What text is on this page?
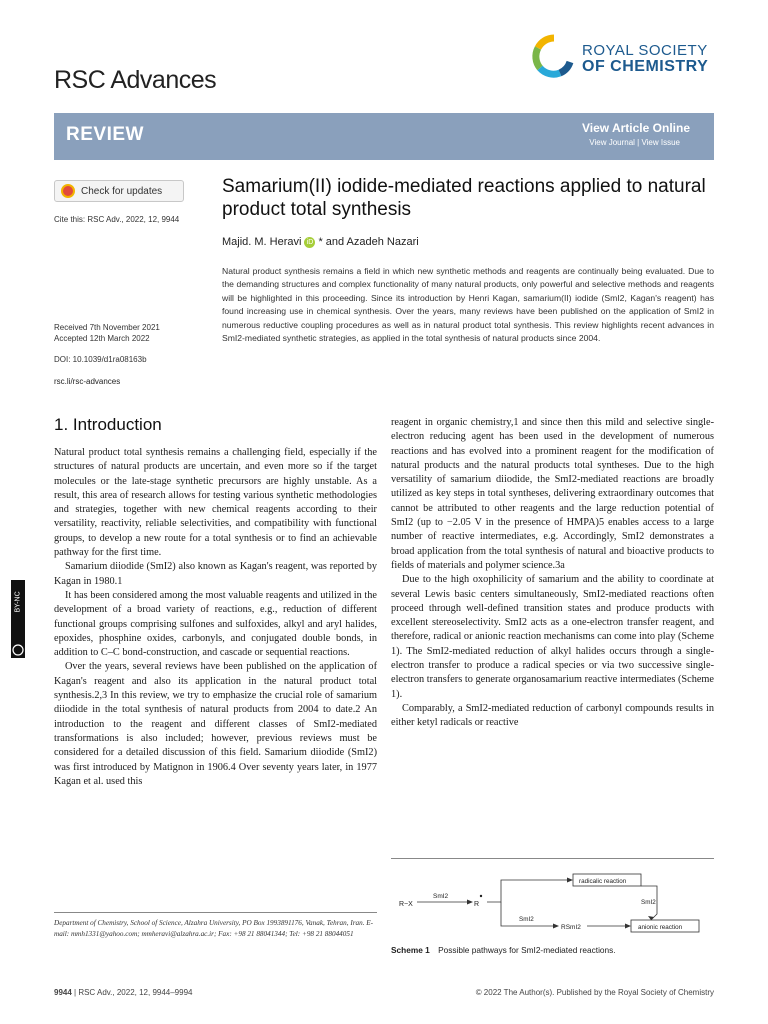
RSC Advances
ROYAL SOCIETY
OF CHEMISTRY
REVIEW	View Article Online
View Journal | View Issue
Check for updates
Cite this: RSC Adv., 2022, 12, 9944
Samarium(II) iodide-mediated reactions applied to natural product total synthesis
Majid. M. Heravi iD * and Azadeh Nazari
Natural product synthesis remains a field in which new synthetic methods and reagents are continually being evaluated. Due to the demanding structures and complex functionality of many natural products, only powerful and selective methods and reagents will be highlighted in this proceeding. Since its introduction by Henri Kagan, samarium(II) iodide (SmI2, Kagan's reagent) has found increasing use in chemical synthesis. Over the years, many reviews have been published on the application of SmI2 in numerous reductive coupling procedures as well as in natural product total synthesis. This review highlights recent advances in SmI2-mediated synthetic strategies, as applied in the total synthesis of natural products since 2004.
Received 7th November 2021
Accepted 12th March 2022
DOI: 10.1039/d1ra08163b
rsc.li/rsc-advances
BY-NC
1. Introduction

Natural product total synthesis remains a challenging field, especially if the structures of natural products are uncertain, and even more so if the target molecules or the late-stage synthetic precursors are highly unstable. As a result, this area of research allows for testing various synthetic methodologies and strategies, together with new chemical reagents according to their versatility, reactivity, reliable selectivities, and compatibility with functional groups, to develop a new route for a total synthesis or to find an achievable pathway for the first time.

Samarium diiodide (SmI2) also known as Kagan's reagent, was reported by Kagan in 1980.1

It has been considered among the most valuable reagents and utilized in the development of a broad variety of reactions, e.g., reduction of different functional groups comprising sulfones and sulfoxides, alkyl and aryl halides, epoxides, phosphine oxides, carbonyls, and conjugated double bonds, in addition to C–C bond-construction, and cascade or sequential reactions.

Over the years, several reviews have been published on the application of Kagan's reagent and also its application in the natural product total synthesis.2,3 In this review, we try to emphasize the crucial role of samarium diiodide in the total synthesis of natural products from 2004 to date.2 An introduction to the reagent and different classes of SmI2-mediated transformations is also included; however, previous reviews must be considered for a detailed discussion of this field. Samarium diiodide (SmI2) was first introduced by Matignon in 1906.4 Over seventy years later, in 1977 Kagan et al. used this

reagent in organic chemistry,1 and since then this mild and selective single-electron reducing agent has been used in the development of numerous reactions and has evolved into a prominent reagent for the modification of natural products and the natural products total syntheses. Due to the high versatility of samarium diiodide, the SmI2-mediated reactions are broadly utilized as key steps in total syntheses, delivering extraordinary outcomes that cannot be attributed to other reagents and the large reduction potential of SmI2 (up to −2.05 V in the presence of HMPA)5 enables access to a large number of reactive intermediates, e.g. Accordingly, SmI2 demonstrates a broad application from the total synthesis of natural and bioactive products to fields of materials and polymer science.3a

Due to the high oxophilicity of samarium and the ability to coordinate at several Lewis basic centers simultaneously, SmI2-mediated reactions often proceed through well-defined transition states and produce products with excellent stereoselectivity. SmI2 acts as a one-electron transfer reagent, and therefore, radical or anionic reaction mechanisms can come into play (Scheme 1). The SmI2-mediated reduction of alkyl halides occurs through a single-electron transfer to produce a radical species or via two successive single-electron transfers to generate organosamarium reactive intermediates (Scheme 1).

Comparably, a SmI2-mediated reduction of carbonyl compounds results in either ketyl radicals or reactive

Department of Chemistry, School of Science, Alzahra University, PO Box 1993891176, Vanak, Tehran, Iran. E-mail: mmh1331@yahoo.com; mmheravi@alzahra.ac.ir; Fax: +98 21 88041344; Tel: +98 21 88044051
R−X
SmI2
R
radicalic reaction
SmI2
RSmI2	anionic reaction
SmI2
Scheme 1 Possible pathways for SmI2-mediated reactions.
9944 | RSC Adv., 2022, 12, 9944–9994	© 2022 The Author(s). Published by the Royal Society of Chemistry
